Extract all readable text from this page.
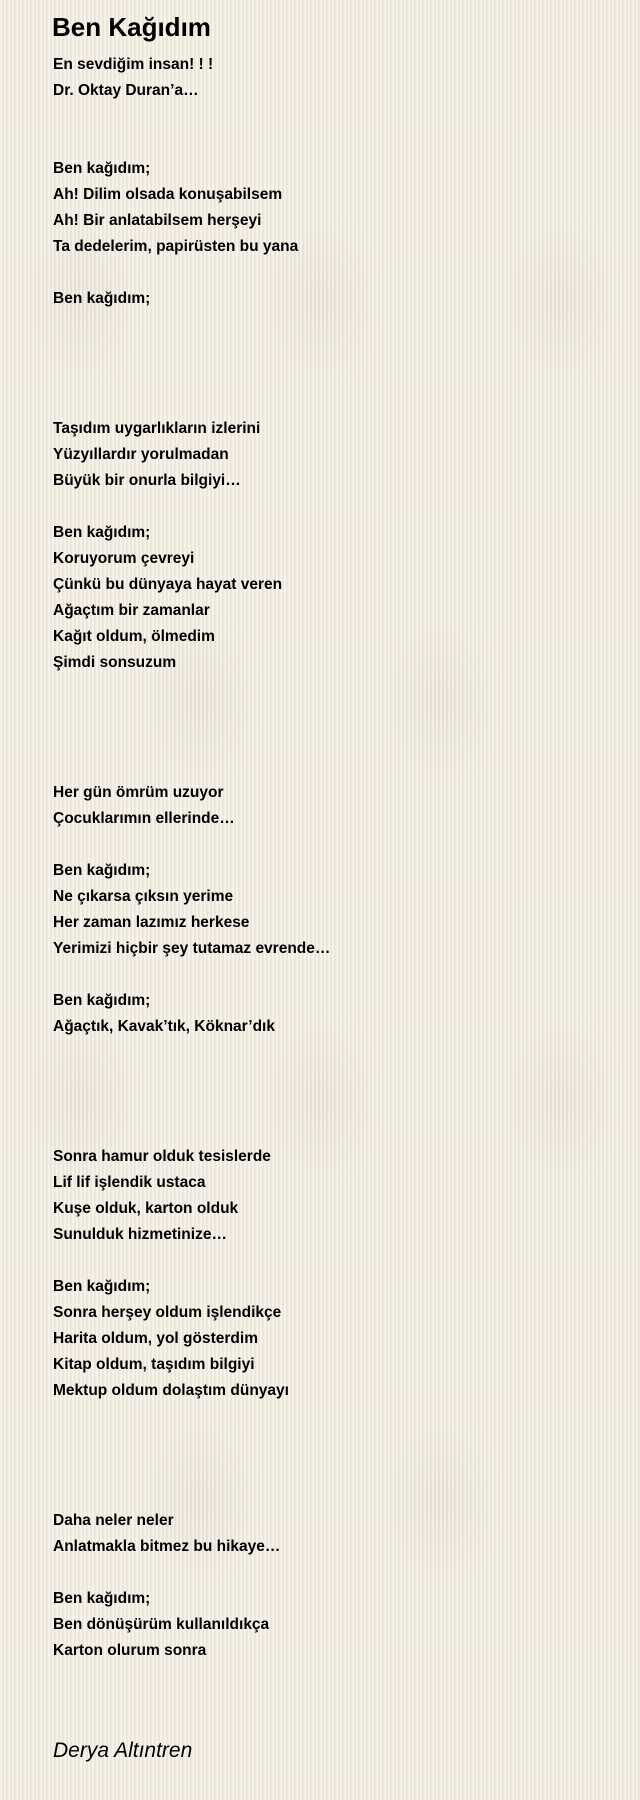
Ben Kağıdım
En sevdiğim insan! ! !
Dr. Oktay Duran’a…
Ben kağıdım;
Ah! Dilim olsada konuşabilsem
Ah! Bir anlatabilsem herşeyi
Ta dedelerim, papirüsten bu yana
Ben kağıdım;
Taşıdım uygarlıkların izlerini
Yüzyıllardır yorulmadan
Büyük bir onurla bilgiyi…
Ben kağıdım;
Koruyorum çevreyi
Çünkü bu dünyaya hayat veren
Ağaçtım bir zamanlar
Kağıt oldum, ölmedim
Şimdi sonsuzum
Her gün ömrüm uzuyor
Çocuklarımın ellerinde…
Ben kağıdım;
Ne çıkarsa çıksın yerime
Her zaman lazımız herkese
Yerimizi hiçbir şey tutamaz evrende…
Ben kağıdım;
Ağaçtık, Kavak’tık, Köknar’dık
Sonra hamur olduk tesislerde
Lif lif işlendik ustaca
Kuşe olduk, karton olduk
Sunulduk hizmetinize…
Ben kağıdım;
Sonra herşey oldum işlendikçe
Harita oldum, yol gösterdim
Kitap oldum, taşıdım bilgiyi
Mektup oldum dolaştım dünyayı
Daha neler neler
Anlatmakla bitmez bu hikaye…
Ben kağıdım;
Ben dönüşürüm kullanıldıkça
Karton olurum sonra
Derya Altıntren
